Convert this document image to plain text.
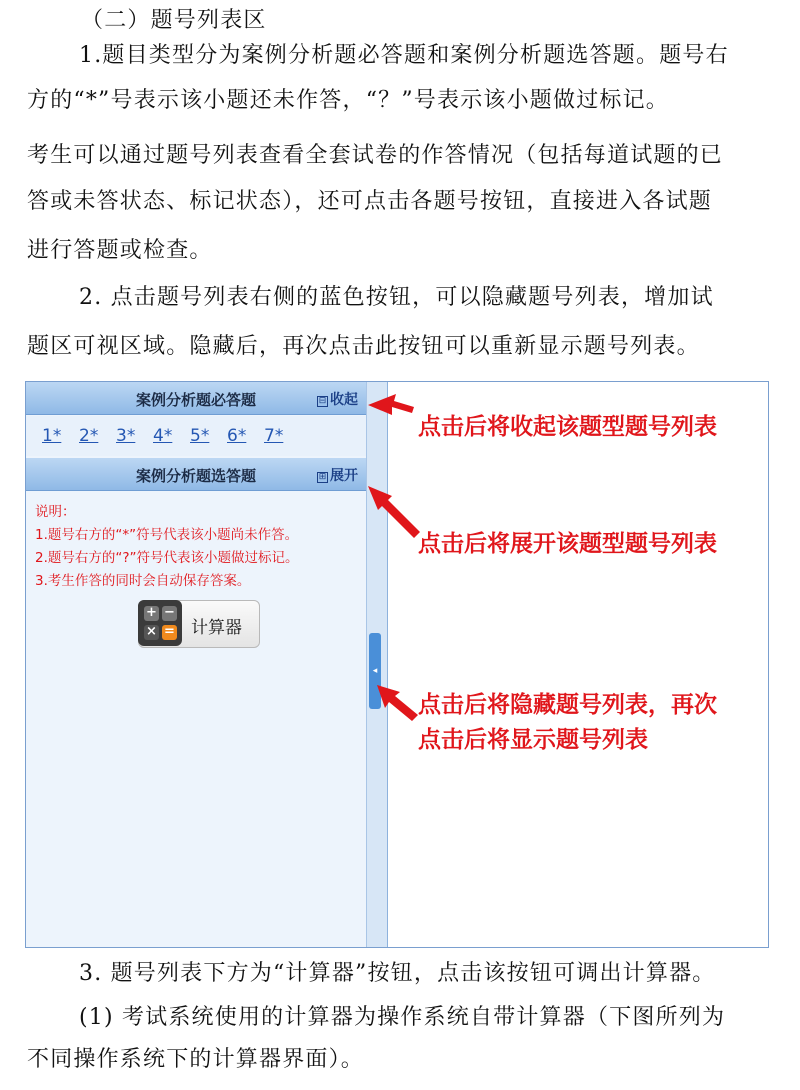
（二）题号列表区
1.题目类型分为案例分析题必答题和案例分析题选答题。题号右
方的“*”号表示该小题还未作答，“？”号表示该小题做过标记。
考生可以通过题号列表查看全套试卷的作答情况（包括每道试题的已
答或未答状态、标记状态），还可点击各题号按钮，直接进入各试题
进行答题或检查。
2. 点击题号列表右侧的蓝色按钮，可以隐藏题号列表，增加试
题区可视区域。隐藏后，再次点击此按钮可以重新显示题号列表。
案例分析题必答题	⊟ 收起
1* 2* 3* 4* 5* 6* 7*
案例分析题选答题	⊞ 展开
说明：
1.题号右方的“*”符号代表该小题尚未作答。
2.题号右方的“?”符号代表该小题做过标记。
3.考生作答的同时会自动保存答案。
+ −
× = 计算器
◂
点击后将收起该题型题号列表
点击后将展开该题型题号列表
点击后将隐藏题号列表，再次
点击后将显示题号列表
3. 题号列表下方为“计算器”按钮，点击该按钮可调出计算器。
(1) 考试系统使用的计算器为操作系统自带计算器（下图所列为
不同操作系统下的计算器界面）。
